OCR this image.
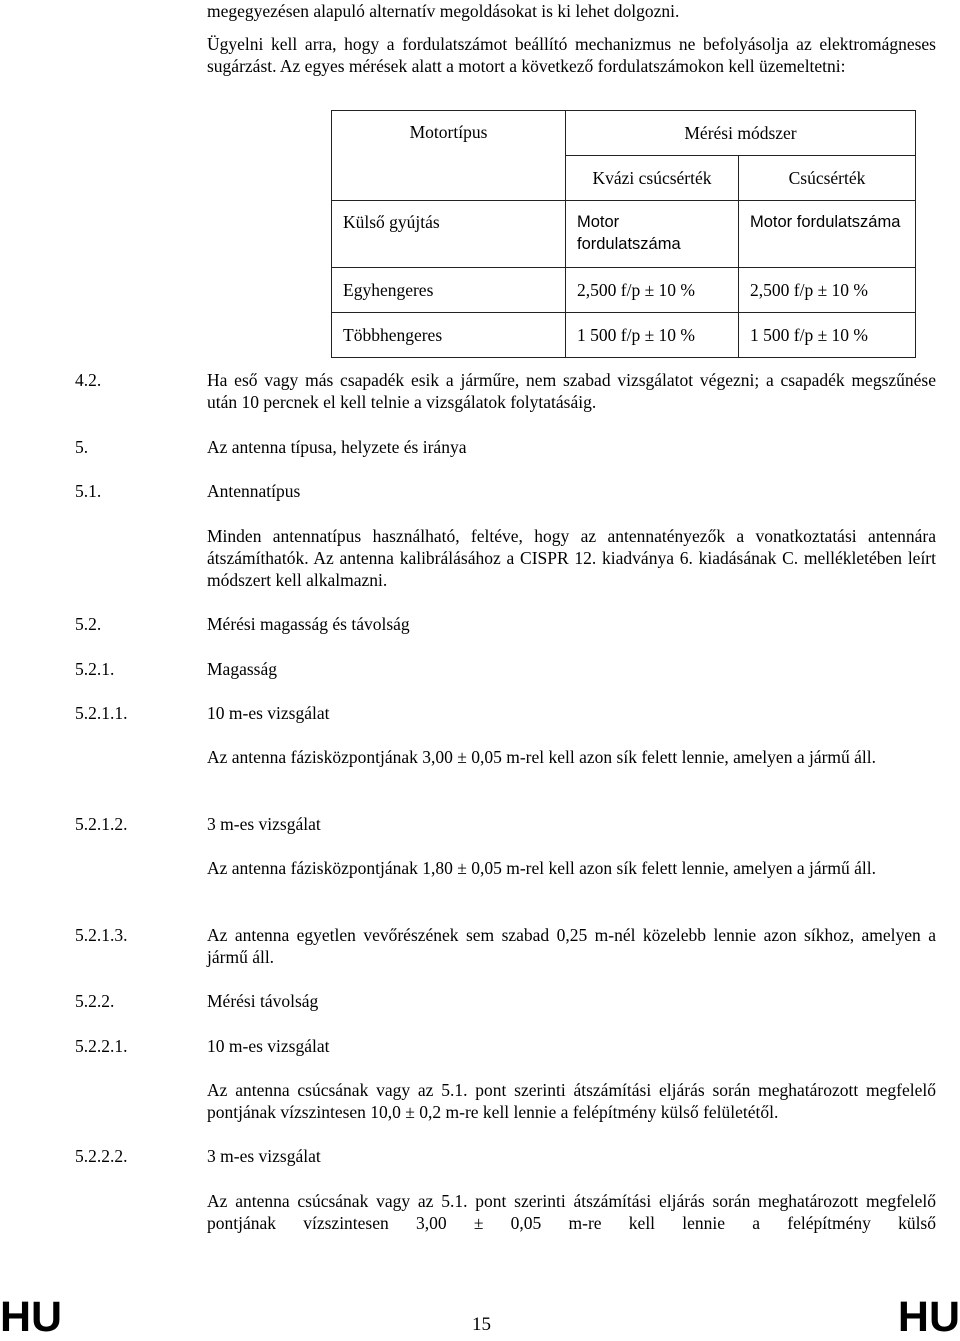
megegyezésen alapuló alternatív megoldásokat is ki lehet dolgozni.
Ügyelni kell arra, hogy a fordulatszámot beállító mechanizmus ne befolyásolja az elektromágneses sugárzást. Az egyes mérések alatt a motort a következő fordulatszámokon kell üzemeltetni:
Motortípus	Mérési módszer	
	Kvázi csúcsérték	Csúcsérték
Külső gyújtás	Motor fordulatszáma	Motor fordulatszáma
Egyhengeres	2,500 f/p ± 10 %	2,500 f/p ± 10 %
Többhengeres	1 500 f/p ± 10 %	1 500 f/p ± 10 %
4.2.	Ha eső vagy más csapadék esik a járműre, nem szabad vizsgálatot végezni; a csapadék megszűnése után 10 percnek el kell telnie a vizsgálatok folytatásáig.
5.	Az antenna típusa, helyzete és iránya
5.1.	Antennatípus
Minden antennatípus használható, feltéve, hogy az antennatényezők a vonatkoztatási antennára átszámíthatók. Az antenna kalibrálásához a CISPR 12. kiadványa 6. kiadásának C. mellékletében leírt módszert kell alkalmazni.
5.2.	Mérési magasság és távolság
5.2.1.	Magasság
5.2.1.1.	10 m-es vizsgálat
Az antenna fázisközpontjának 3,00 ± 0,05 m-rel kell azon sík felett lennie, amelyen a jármű áll.
5.2.1.2.	3 m-es vizsgálat
Az antenna fázisközpontjának 1,80 ± 0,05 m-rel kell azon sík felett lennie, amelyen a jármű áll.
5.2.1.3.	Az antenna egyetlen vevőrészének sem szabad 0,25 m-nél közelebb lennie azon síkhoz, amelyen a jármű áll.
5.2.2.	Mérési távolság
5.2.2.1.	10 m-es vizsgálat
Az antenna csúcsának vagy az 5.1. pont szerinti átszámítási eljárás során meghatározott megfelelő pontjának vízszintesen 10,0 ± 0,2 m-re kell lennie a felépítmény külső felületétől.
5.2.2.2.	3 m-es vizsgálat
Az antenna csúcsának vagy az 5.1. pont szerinti átszámítási eljárás során meghatározott megfelelő pontjának vízszintesen 3,00 ± 0,05 m-re kell lennie a felépítmény külső
HU	15	HU
